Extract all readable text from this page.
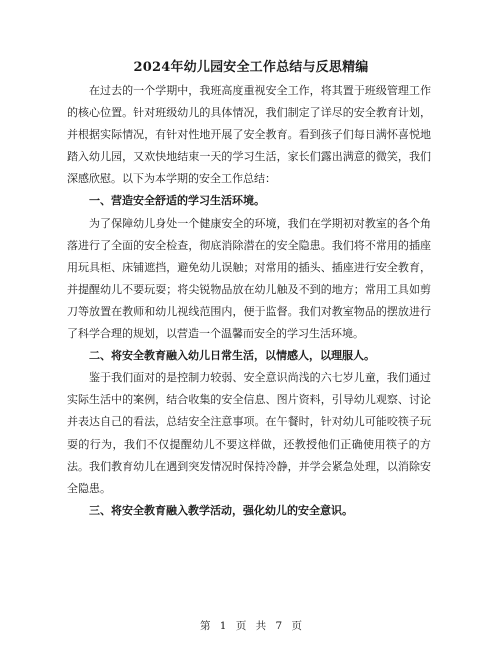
2024年幼儿园安全工作总结与反思精编

在过去的一个学期中，我班高度重视安全工作，将其置于班级管理工作的核心位置。针对班级幼儿的具体情况，我们制定了详尽的安全教育计划，并根据实际情况，有针对性地开展了安全教育。看到孩子们每日满怀喜悦地踏入幼儿园，又欢快地结束一天的学习生活，家长们露出满意的微笑，我们深感欣慰。以下为本学期的安全工作总结：

一、营造安全舒适的学习生活环境。

为了保障幼儿身处一个健康安全的环境，我们在学期初对教室的各个角落进行了全面的安全检查，彻底消除潜在的安全隐患。我们将不常用的插座用玩具柜、床铺遮挡，避免幼儿误触；对常用的插头、插座进行安全教育，并提醒幼儿不要玩耍；将尖锐物品放在幼儿触及不到的地方；常用工具如剪刀等放置在教师和幼儿视线范围内，便于监督。我们对教室物品的摆放进行了科学合理的规划，以营造一个温馨而安全的学习生活环境。

二、将安全教育融入幼儿日常生活，以情感人，以理服人。

鉴于我们面对的是控制力较弱、安全意识尚浅的六七岁儿童，我们通过实际生活中的案例，结合收集的安全信息、图片资料，引导幼儿观察、讨论并表达自己的看法，总结安全注意事项。在午餐时，针对幼儿可能咬筷子玩耍的行为，我们不仅提醒幼儿不要这样做，还教授他们正确使用筷子的方法。我们教育幼儿在遇到突发情况时保持冷静，并学会紧急处理，以消除安全隐患。

三、将安全教育融入教学活动，强化幼儿的安全意识。
第 1 页 共 7 页
